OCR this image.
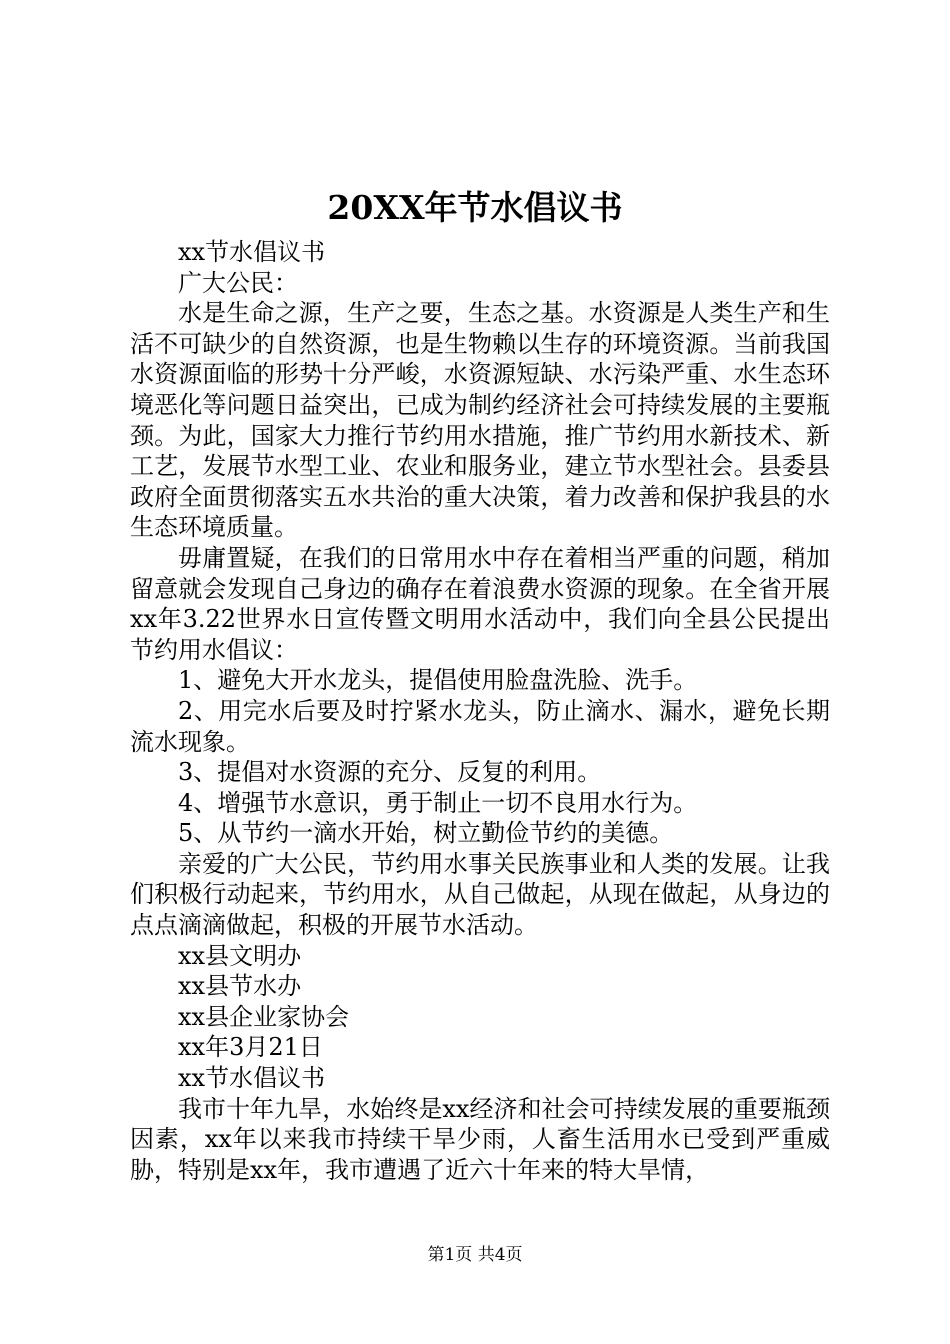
20XX年节水倡议书

xx节水倡议书

广大公民：

水是生命之源，生产之要，生态之基。水资源是人类生产和生活不可缺少的自然资源，也是生物赖以生存的环境资源。当前我国水资源面临的形势十分严峻，水资源短缺、水污染严重、水生态环境恶化等问题日益突出，已成为制约经济社会可持续发展的主要瓶颈。为此，国家大力推行节约用水措施，推广节约用水新技术、新工艺，发展节水型工业、农业和服务业，建立节水型社会。县委县政府全面贯彻落实五水共治的重大决策，着力改善和保护我县的水生态环境质量。

毋庸置疑，在我们的日常用水中存在着相当严重的问题，稍加留意就会发现自己身边的确存在着浪费水资源的现象。在全省开展xx年3.22世界水日宣传暨文明用水活动中，我们向全县公民提出节约用水倡议：

1、避免大开水龙头，提倡使用脸盘洗脸、洗手。

2、用完水后要及时拧紧水龙头，防止滴水、漏水，避免长期流水现象。

3、提倡对水资源的充分、反复的利用。

4、增强节水意识，勇于制止一切不良用水行为。

5、从节约一滴水开始，树立勤俭节约的美德。

亲爱的广大公民，节约用水事关民族事业和人类的发展。让我们积极行动起来，节约用水，从自己做起，从现在做起，从身边的点点滴滴做起，积极的开展节水活动。

xx县文明办

xx县节水办

xx县企业家协会

xx年3月21日

xx节水倡议书

我市十年九旱，水始终是xx经济和社会可持续发展的重要瓶颈因素，xx年以来我市持续干旱少雨，人畜生活用水已受到严重威胁，特别是xx年，我市遭遇了近六十年来的特大旱情，

第1页 共4页
